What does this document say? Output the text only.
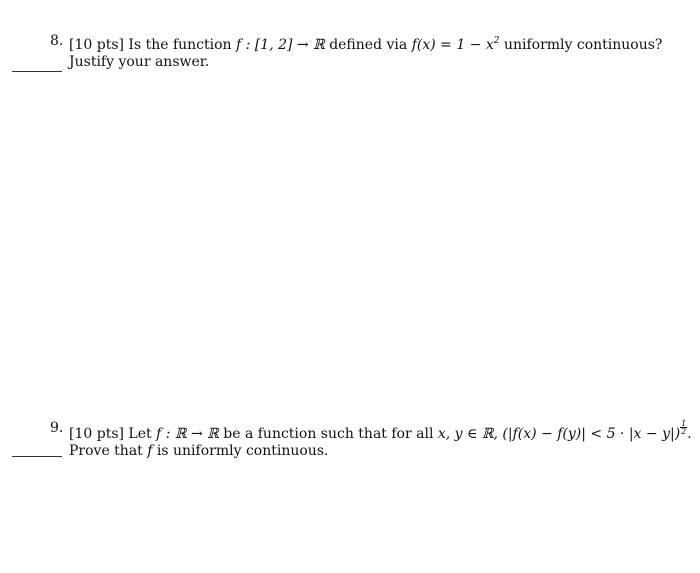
8. [10 pts] Is the function f : [1, 2] → ℝ defined via $f(x) = 1 - x^2$ uniformly continuous?
Justify your answer.
9. [10 pts] Let f : ℝ → ℝ be a function such that for all x, y ∈ ℝ, $(|f(x) - f(y)| < 5 \cdot |x - y|) \frac{1}{2}$ .
Prove that f is uniformly continuous.
